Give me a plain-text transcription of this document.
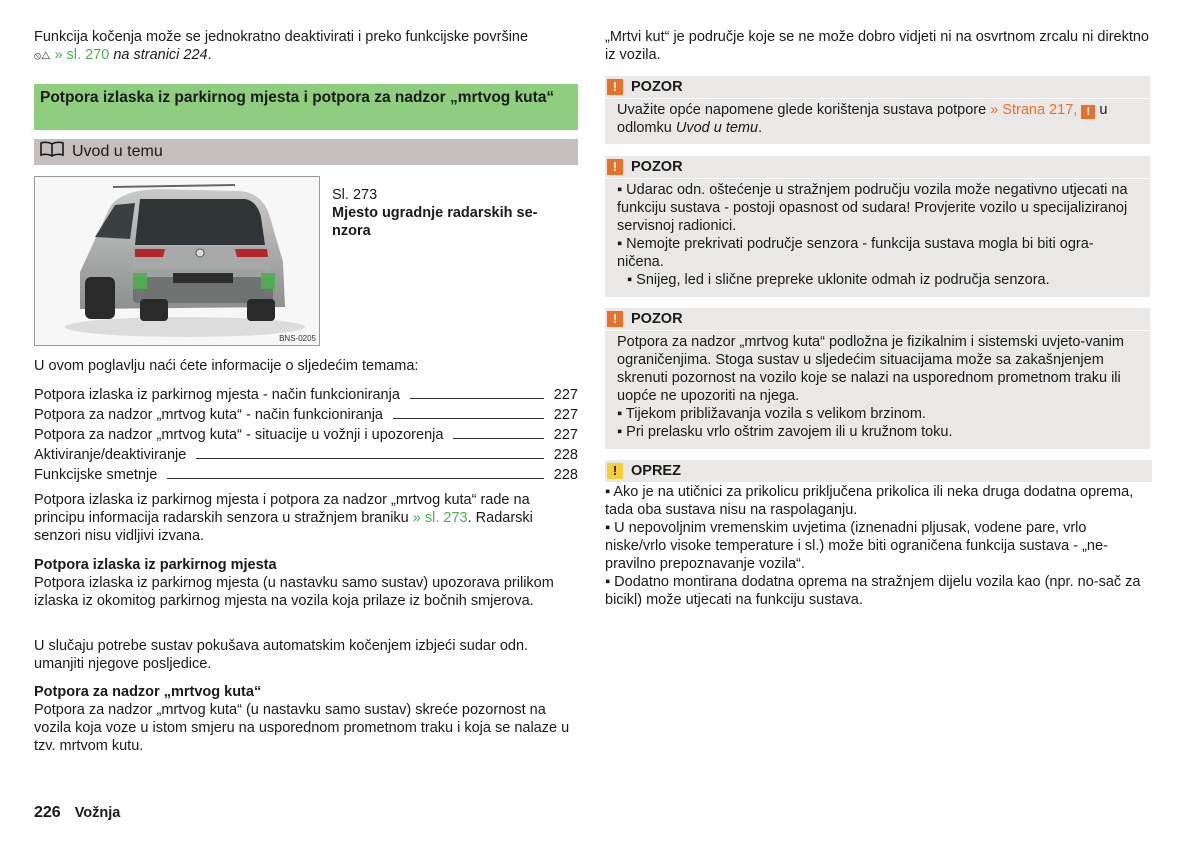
Funkcija kočenja može se jednokratno deaktivirati i preko funkcijske površine
⦸△ » sl. 270 na stranici 224.

Potpora izlaska iz parkirnog mjesta i potpora za nadzor „mrtvog kuta“
Uvod u temu
BNS-0205
Sl. 273
Mjesto ugradnje radarskih se-
nzora

U ovom poglavlju naći ćete informacije o sljedećim temama:

Potpora izlaska iz parkirnog mjesta - način funkcioniranja	227
Potpora za nadzor „mrtvog kuta“ - način funkcioniranja	227
Potpora za nadzor „mrtvog kuta“ - situacije u vožnji i upozorenja	227
Aktiviranje/deaktiviranje	228
Funkcijske smetnje	228

Potpora izlaska iz parkirnog mjesta i potpora za nadzor „mrtvog kuta“ rade na principu informacija radarskih senzora u stražnjem braniku » sl. 273. Radarski senzori nisu vidljivi izvana.

Potpora izlaska iz parkirnog mjesta

Potpora izlaska iz parkirnog mjesta (u nastavku samo sustav) upozorava prilikom izlaska iz okomitog parkirnog mjesta na vozila koja prilaze iz bočnih smjerova.

U slučaju potrebe sustav pokušava automatskim kočenjem izbjeći sudar odn. umanjiti njegove posljedice.

Potpora za nadzor „mrtvog kuta“

Potpora za nadzor „mrtvog kuta“ (u nastavku samo sustav) skreće pozornost na vozila koja voze u istom smjeru na usporednom prometnom traku i koja se nalaze u tzv. mrtvom kutu.

226 Vožnja

„Mrtvi kut“ je područje koje se ne može dobro vidjeti ni na osvrtnom zrcalu ni direktno iz vozila.

! POZOR
Uvažite opće napomene glede korištenja sustava potpore » Strana 217, ! u odlomku Uvod u temu.
! POZOR
▪ Udarac odn. oštećenje u stražnjem području vozila može negativno utjecati na funkciju sustava - postoji opasnost od sudara! Provjerite vozilo u specijaliziranoj servisnoj radionici.
▪ Nemojte prekrivati područje senzora - funkcija sustava mogla bi biti ogra-ničena.
▪ Snijeg, led i slične prepreke uklonite odmah iz područja senzora.
! POZOR
Potpora za nadzor „mrtvog kuta“ podložna je fizikalnim i sistemski uvjeto-vanim ograničenjima. Stoga sustav u sljedećim situacijama može sa zakašnjenjem skrenuti pozornost na vozilo koje se nalazi na usporednom prometnom traku ili uopće ne upozoriti na njega.
▪ Tijekom približavanja vozila s velikom brzinom.
▪ Pri prelasku vrlo oštrim zavojem ili u kružnom toku.
! OPREZ
▪ Ako je na utičnici za prikolicu priključena prikolica ili neka druga dodatna oprema, tada oba sustava nisu na raspolaganju.
▪ U nepovoljnim vremenskim uvjetima (iznenadni pljusak, vodene pare, vrlo niske/vrlo visoke temperature i sl.) može biti ograničena funkcija sustava - „ne-pravilno prepoznavanje vozila“.
▪ Dodatno montirana dodatna oprema na stražnjem dijelu vozila kao (npr. no-sač za bicikl) može utjecati na funkciju sustava.
